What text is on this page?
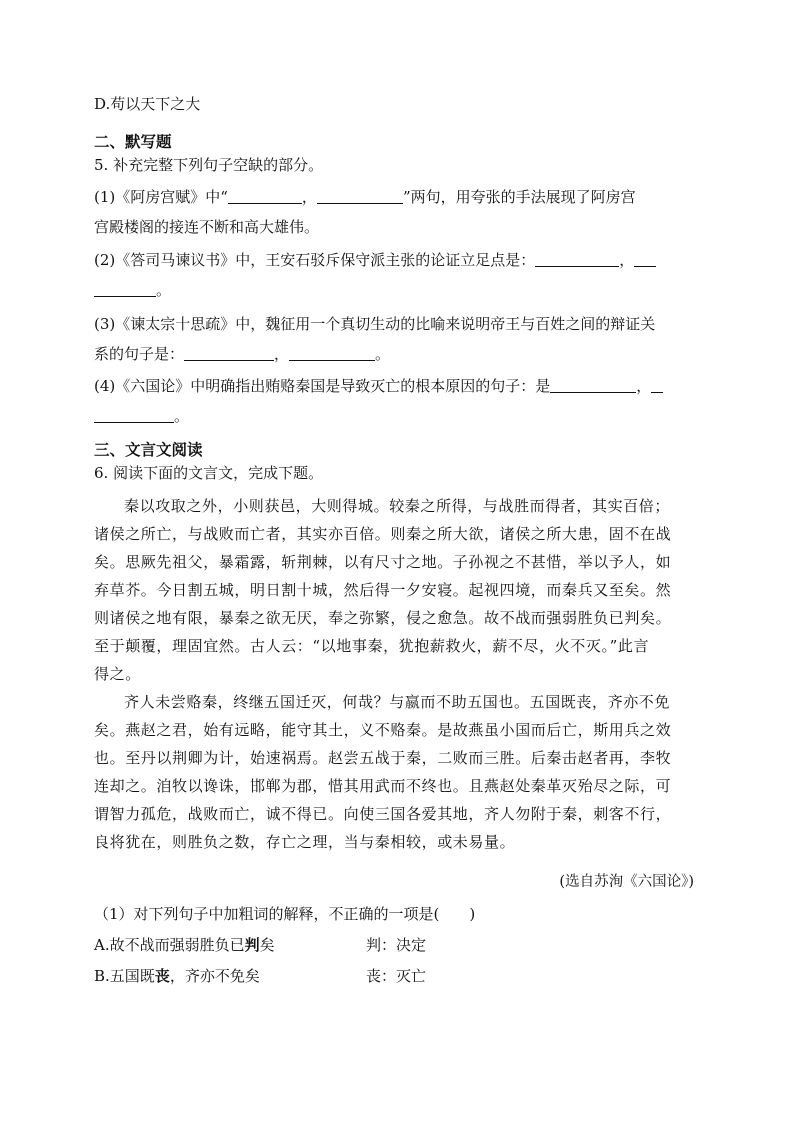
D.苟以天下之大
二、默写题
5. 补充完整下列句子空缺的部分。
(1)《阿房宫赋》中“	，	”两句，用夸张的手法展现了阿房宫
宫殿楼阁的接连不断和高大雄伟。
(2)《答司马谏议书》中，王安石驳斥保守派主张的论证立足点是：	，
。
(3)《谏太宗十思疏》中，魏征用一个真切生动的比喻来说明帝王与百姓之间的辩证关
系的句子是：	，	。
(4)《六国论》中明确指出贿赂秦国是导致灭亡的根本原因的句子：是	，
。
三、文言文阅读
6. 阅读下面的文言文，完成下题。
秦以攻取之外，小则获邑，大则得城。较秦之所得，与战胜而得者，其实百倍；
诸侯之所亡，与战败而亡者，其实亦百倍。则秦之所大欲，诸侯之所大患，固不在战
矣。思厥先祖父，暴霜露，斩荆棘，以有尺寸之地。子孙视之不甚惜，举以予人，如
弃草芥。今日割五城，明日割十城，然后得一夕安寝。起视四境，而秦兵又至矣。然
则诸侯之地有限，暴秦之欲无厌，奉之弥繁，侵之愈急。故不战而强弱胜负已判矣。
至于颠覆，理固宜然。古人云：“以地事秦，犹抱薪救火，薪不尽，火不灭。”此言
得之。
齐人未尝赂秦，终继五国迁灭，何哉？与嬴而不助五国也。五国既丧，齐亦不免
矣。燕赵之君，始有远略，能守其土，义不赂秦。是故燕虽小国而后亡，斯用兵之效
也。至丹以荆卿为计，始速祸焉。赵尝五战于秦，二败而三胜。后秦击赵者再，李牧
连却之。洎牧以谗诛，邯郸为郡，惜其用武而不终也。且燕赵处秦革灭殆尽之际，可
谓智力孤危，战败而亡，诚不得已。向使三国各爱其地，齐人勿附于秦，刺客不行，
良将犹在，则胜负之数，存亡之理，当与秦相较，或未易量。
(选自苏洵《六国论》)
（1）对下列句子中加粗词的解释，不正确的一项是(　　)
A.故不战而强弱胜负已判矣	判：决定
B.五国既丧，齐亦不免矣	丧：灭亡
